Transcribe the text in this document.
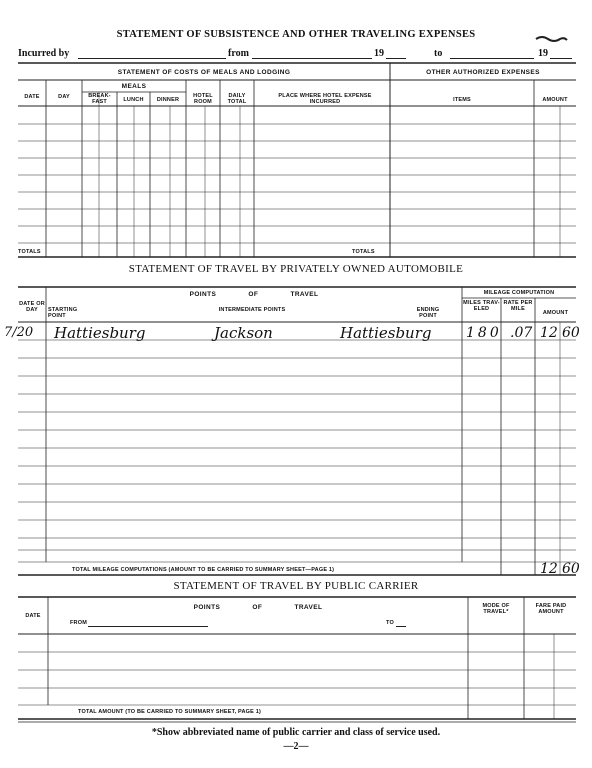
STATEMENT OF SUBSISTENCE AND OTHER TRAVELING EXPENSES
Incurred by	from	19	to	19
STATEMENT OF COSTS OF MEALS AND LODGING	OTHER AUTHORIZED EXPENSES
MEALS
DATE	DAY	BREAK-FAST	LUNCH	DINNER
HOTEL ROOM
DAILY TOTAL
PLACE WHERE HOTEL EXPENSE INCURRED	ITEMS	AMOUNT
TOTALS	TOTALS
STATEMENT OF TRAVEL BY PRIVATELY OWNED AUTOMOBILE
POINTS OF TRAVEL	MILEAGE COMPUTATION
DATE OR DAY	STARTING POINT
INTERMEDIATE POINTS	ENDING POINT
MILES TRAV-ELED
RATE PER MILE
AMOUNT
7/20 Hattiesburg	Jackson	Hattiesburg 180 .07 12 60
TOTAL MILEAGE COMPUTATIONS (AMOUNT TO BE CARRIED TO SUMMARY SHEET—PAGE 1)	12 60
STATEMENT OF TRAVEL BY PUBLIC CARRIER
POINTS OF TRAVEL
DATE
FROM	TO
MODE OF TRAVEL*
FARE PAID AMOUNT
TOTAL AMOUNT (TO BE CARRIED TO SUMMARY SHEET, PAGE 1)
*Show abbreviated name of public carrier and class of service used.
—2—
